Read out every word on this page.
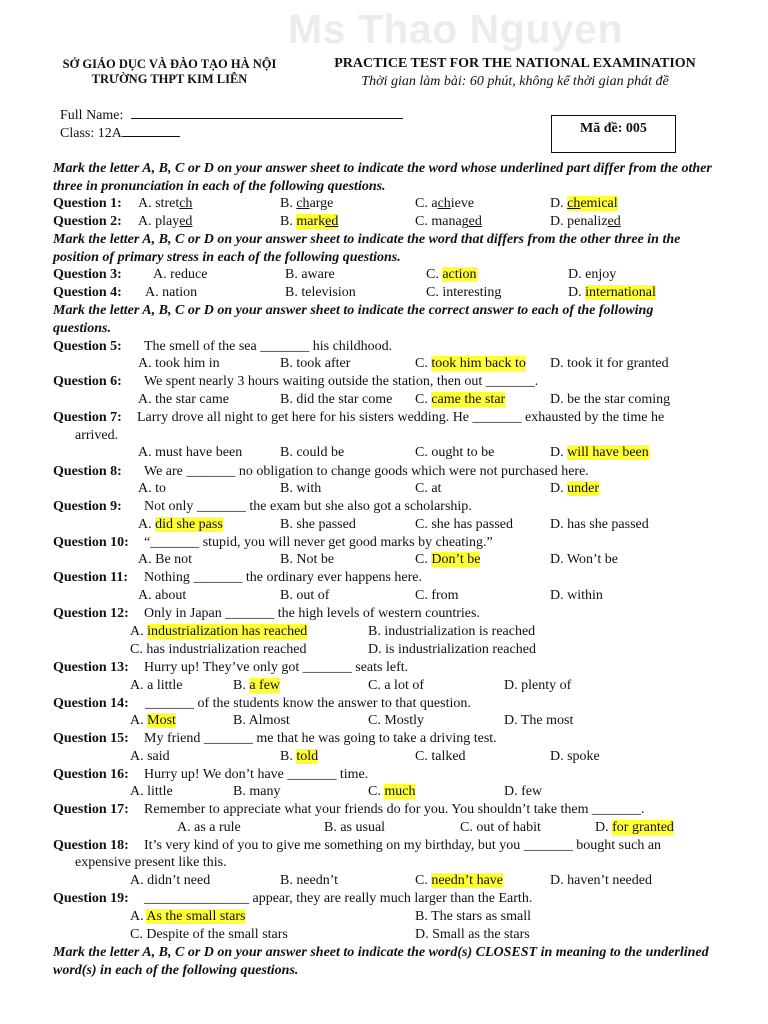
Ms Thao Nguyen
SỞ GIÁO DỤC VÀ ĐÀO TẠO HÀ NỘI
TRƯỜNG THPT KIM LIÊN
PRACTICE TEST FOR THE NATIONAL EXAMINATION
Thời gian làm bài: 60 phút, không kể thời gian phát đề
Full Name:
Class: 12A	Mã đề: 005
Mark the letter A, B, C or D on your answer sheet to indicate the word whose underlined part differ from the other three in pronunciation in each of the following questions.
Question 1: A. stretch	B. charge	C. achieve	D. chemical
Question 2: A. played	B. marked	C. managed	D. penalized
Mark the letter A, B, C or D on your answer sheet to indicate the word that differs from the other three in the position of primary stress in each of the following questions.
Question 3: A. reduce	B. aware	C. action	D. enjoy
Question 4: A. nation	B. television	C. interesting	D. international
Mark the letter A, B, C or D on your answer sheet to indicate the correct answer to each of the following questions.
Question 5: The smell of the sea _______ his childhood.
A. took him in	B. took after	C. took him back to D. took it for granted
Question 6: We spent nearly 3 hours waiting outside the station, then out _______.
A. the star came	B. did the star come C. came the star	D. be the star coming
Question 7: Larry drove all night to get here for his sisters wedding. He _______ exhausted by the time he
arrived.
A. must have been	B. could be	C. ought to be	D. will have been
Question 8: We are _______ no obligation to change goods which were not purchased here.
A. to	B. with	C. at	D. under
Question 9: Not only _______ the exam but she also got a scholarship.
A. did she pass	B. she passed	C. she has passed	D. has she passed
Question 10: “_______ stupid, you will never get good marks by cheating.”
A. Be not	B. Not be	C. Don’t be	D. Won’t be
Question 11: Nothing _______ the ordinary ever happens here.
A. about	B. out of	C. from	D. within
Question 12: Only in Japan _______ the high levels of western countries.
A. industrialization has reached	B. industrialization is reached
C. has industrialization reached	D. is industrialization reached
Question 13: Hurry up! They’ve only got _______ seats left.
A. a little	B. a few	C. a lot of	D. plenty of
Question 14: _______ of the students know the answer to that question.
A. Most	B. Almost	C. Mostly	D. The most
Question 15: My friend _______ me that he was going to take a driving test.
A. said	B. told	C. talked	D. spoke
Question 16: Hurry up! We don’t have _______ time.
A. little	B. many	C. much	D. few
Question 17: Remember to appreciate what your friends do for you. You shouldn’t take them _______.
A. as a rule	B. as usual	C. out of habit	D. for granted
Question 18: It’s very kind of you to give me something on my birthday, but you _______ bought such an
expensive present like this.
A. didn’t need	B. needn’t	C. needn’t have	D. haven’t needed
Question 19: _______________ appear, they are really much larger than the Earth.
A. As the small stars	B. The stars as small
C. Despite of the small stars	D. Small as the stars
Mark the letter A, B, C or D on your answer sheet to indicate the word(s) CLOSEST in meaning to the underlined word(s) in each of the following questions.
